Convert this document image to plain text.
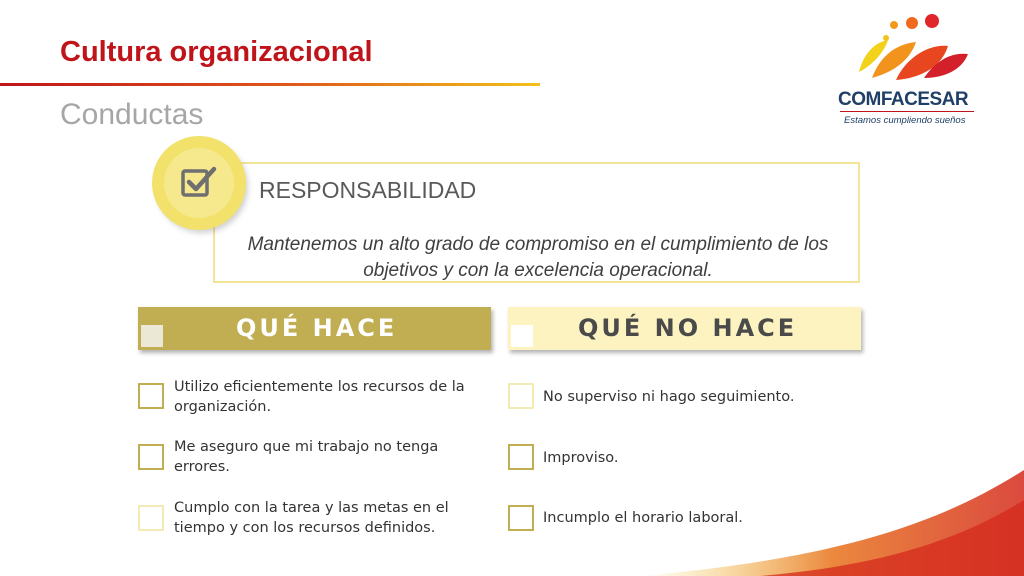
Cultura organizacional
Conductas	COMFACESAR
Estamos cumpliendo sueños
RESPONSABILIDAD
Mantenemos un alto grado de compromiso en el cumplimiento de los objetivos y con la excelencia operacional.
QUÉ HACE	QUÉ NO HACE
Utilizo eficientemente los recursos de la organización.
Me aseguro que mi trabajo no tenga errores.
Cumplo con la tarea y las metas en el tiempo y con los recursos definidos.
No superviso ni hago seguimiento.
Improviso.
Incumplo el horario laboral.
